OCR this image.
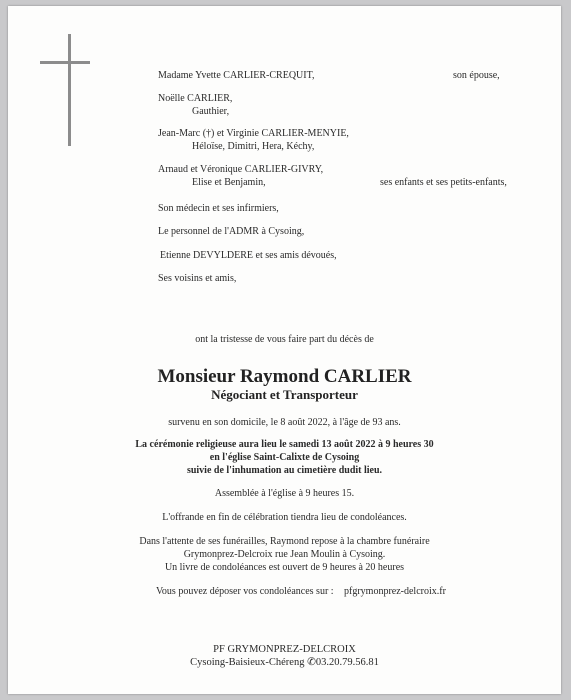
Madame Yvette CARLIER-CREQUIT,	son épouse,
Noëlle CARLIER,
Gauthier,
Jean-Marc (†) et Virginie CARLIER-MENYIE,
Héloïse, Dimitri, Hera, Kéchy,
Arnaud et Véronique CARLIER-GIVRY,
Elise et Benjamin,	ses enfants et ses petits-enfants,
Son médecin et ses infirmiers,
Le personnel de l'ADMR à Cysoing,
Etienne DEVYLDERE et ses amis dévoués,
Ses voisins et amis,
ont la tristesse de vous faire part du décès de
Monsieur Raymond CARLIER
Négociant et Transporteur
survenu en son domicile, le 8 août 2022, à l'âge de 93 ans.
La cérémonie religieuse aura lieu le samedi 13 août 2022 à 9 heures 30
en l'église Saint-Calixte de Cysoing
suivie de l'inhumation au cimetière dudit lieu.
Assemblée à l'église à 9 heures 15.
L'offrande en fin de célébration tiendra lieu de condoléances.
Dans l'attente de ses funérailles, Raymond repose à la chambre funéraire
Grymonprez-Delcroix rue Jean Moulin à Cysoing.
Un livre de condoléances est ouvert de 9 heures à 20 heures
Vous pouvez déposer vos condoléances sur : pfgrymonprez-delcroix.fr
PF GRYMONPREZ-DELCROIX
Cysoing-Baisieux-Chéreng ✆03.20.79.56.81
